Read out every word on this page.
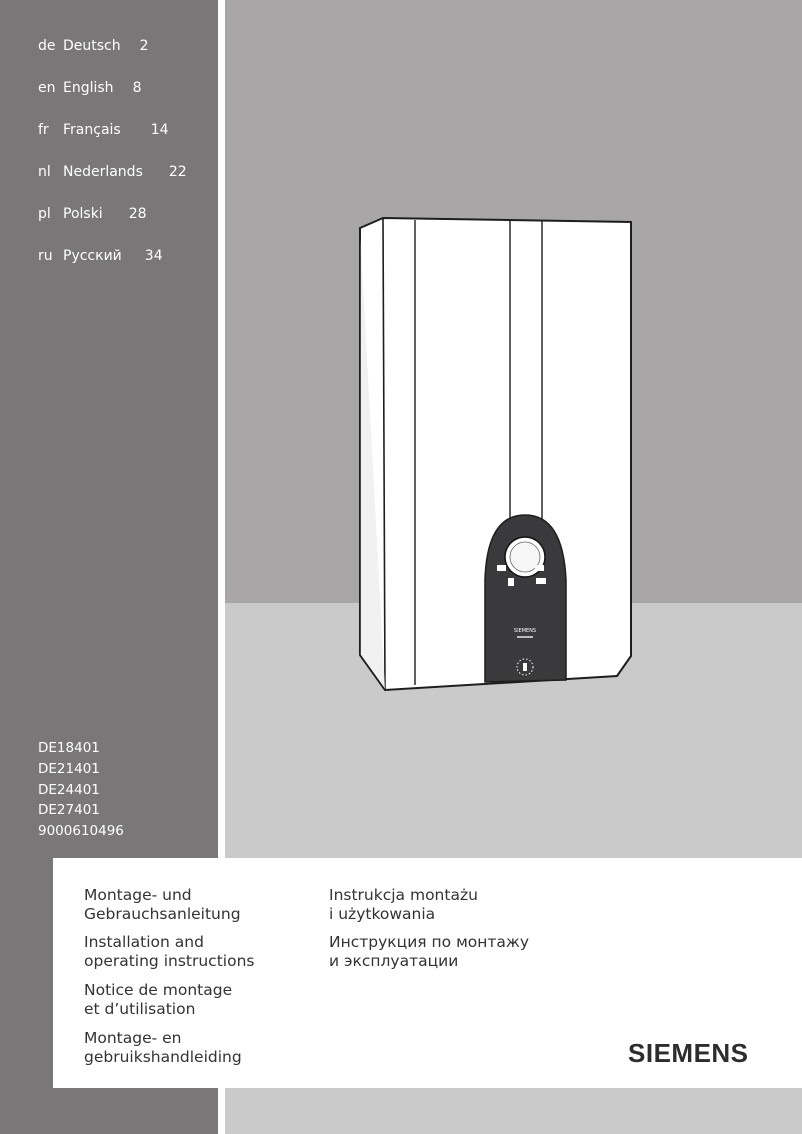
SIEMENS
de Deutsch 2
en English 8
fr Français 14
nl Nederlands 22
pl Polski 28
ru Русский 34
DE18401
DE21401
DE24401
DE27401
9000610496
Montage- und
Gebrauchsanleitung
Installation and
operating instructions
Notice de montage
et d’utilisation
Montage- en
gebruikshandleiding
Instrukcja montażu
i użytkowania
Инструкция по монтажу
и эксплуатации
SIEMENS
